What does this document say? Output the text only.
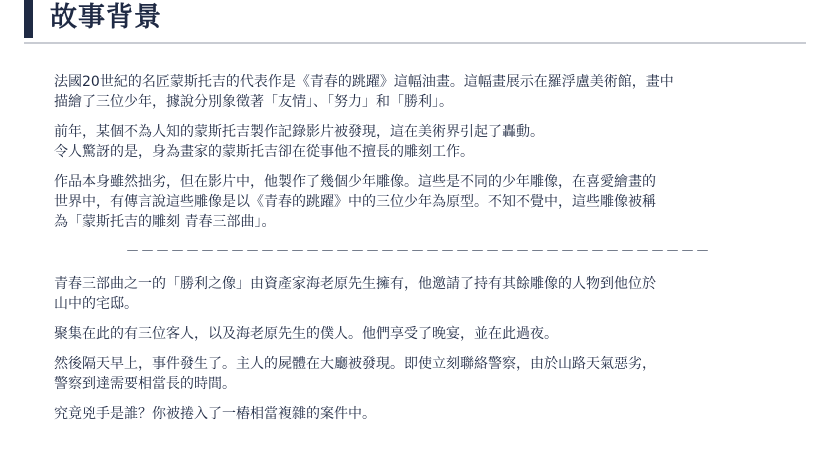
故事背景

法國20世紀的名匠蒙斯托吉的代表作是《青春的跳躍》這幅油畫。這幅畫展示在羅浮盧美術館，畫中
描繪了三位少年，據說分別象徵著「友情」、「努力」和「勝利」。

前年，某個不為人知的蒙斯托吉製作記錄影片被發現，這在美術界引起了轟動。
令人驚訝的是，身為畫家的蒙斯托吉卻在從事他不擅長的雕刻工作。

作品本身雖然拙劣，但在影片中，他製作了幾個少年雕像。這些是不同的少年雕像，在喜愛繪畫的
世界中，有傳言說這些雕像是以《青春的跳躍》中的三位少年為原型。不知不覺中，這些雕像被稱
為「蒙斯托吉的雕刻 青春三部曲」。

－－－－－－－－－－－－－－－－－－－－－－－－－－－－－－－－－－－－－－－

青春三部曲之一的「勝利之像」由資產家海老原先生擁有，他邀請了持有其餘雕像的人物到他位於
山中的宅邸。

聚集在此的有三位客人，以及海老原先生的僕人。他們享受了晚宴，並在此過夜。

然後隔天早上，事件發生了。主人的屍體在大廳被發現。即使立刻聯絡警察，由於山路天氣惡劣，
警察到達需要相當長的時間。

究竟兇手是誰？你被捲入了一樁相當複雜的案件中。
